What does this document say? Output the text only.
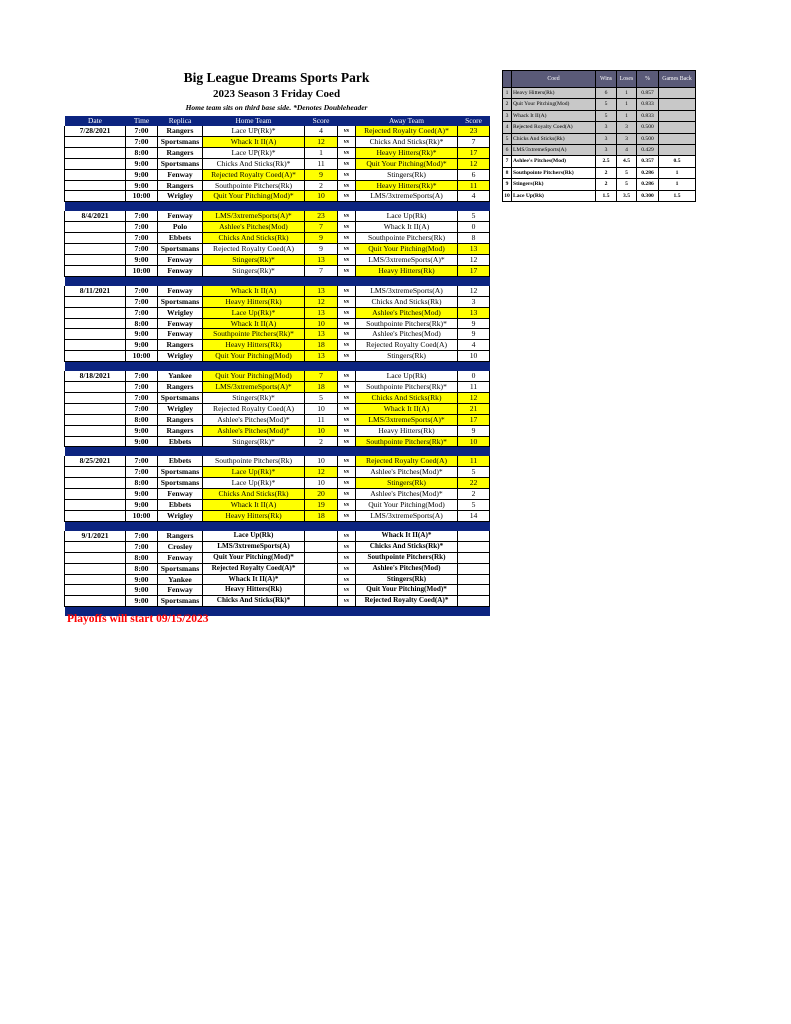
Big League Dreams Sports Park
2023 Season 3 Friday Coed
Home team sits on third base side. *Denotes Doubleheader
Date	Time	Replica	Home Team	Score		Away Team	Score
7/28/2021	7:00	Rangers	Lace UP(Rk)*	4	vs	Rejected Royalty Coed(A)*	23
	7:00	Sportsmans	Whack It II(A)	12	vs	Chicks And Sticks(Rk)*	7
	8:00	Rangers	Lace UP(Rk)*	1	vs	Heavy Hitters(Rk)*	17
	9:00	Sportsmans	Chicks And Sticks(Rk)*	11	vs	Quit Your Pitching(Mod)*	12
	9:00	Fenway	Rejected Royalty Coed(A)*	9	vs	Stingers(Rk)	6
	9:00	Rangers	Southpointe Pitchers(Rk)	2	vs	Heavy Hitters(Rk)*	11
	10:00	Wrigley	Quit Your Pitching(Mod)*	10	vs	LMS/3xtremeSports(A)	4

8/4/2021	7:00	Fenway	LMS/3xtremeSports(A)*	23	vs	Lace Up(Rk)	5
	7:00	Polo	Ashlee's Pitches(Mod)	7	vs	Whack It II(A)	0
	7:00	Ebbets	Chicks And Sticks(Rk)	9	vs	Southpointe Pitchers(Rk)	8
	7:00	Sportsmans	Rejected Royalty Coed(A)	9	vs	Quit Your Pitching(Mod)	13
	9:00	Fenway	Stingers(Rk)*	13	vs	LMS/3xtremeSports(A)*	12
	10:00	Fenway	Stingers(Rk)*	7	vs	Heavy Hitters(Rk)	17

8/11/2021	7:00	Fenway	Whack It II(A)	13	vs	LMS/3xtremeSports(A)	12
	7:00	Sportsmans	Heavy Hitters(Rk)	12	vs	Chicks And Sticks(Rk)	3
	7:00	Wrigley	Lace Up(Rk)*	13	vs	Ashlee's Pitches(Mod)	13
	8:00	Fenway	Whack It II(A)	10	vs	Southpointe Pitchers(Rk)*	9
	9:00	Fenway	Southpointe Pitchers(Rk)*	13	vs	Ashlee's Pitches(Mod)	9
	9:00	Rangers	Heavy Hitters(Rk)	18	vs	Rejected Royalty Coed(A)	4
	10:00	Wrigley	Quit Your Pitching(Mod)	13	vs	Stingers(Rk)	10

8/18/2021	7:00	Yankee	Quit Your Pitching(Mod)	7	vs	Lace Up(Rk)	0
	7:00	Rangers	LMS/3xtremeSports(A)*	18	vs	Southpointe Pitchers(Rk)*	11
	7:00	Sportsmans	Stingers(Rk)*	5	vs	Chicks And Sticks(Rk)	12
	7:00	Wrigley	Rejected Royalty Coed(A)	10	vs	Whack It II(A)	21
	8:00	Rangers	Ashlee's Pitches(Mod)*	11	vs	LMS/3xtremeSports(A)*	17
	9:00	Rangers	Ashlee's Pitches(Mod)*	10	vs	Heavy Hitters(Rk)	9
	9:00	Ebbets	Stingers(Rk)*	2	vs	Southpointe Pitchers(Rk)*	10

8/25/2021	7:00	Ebbets	Southpointe Pitchers(Rk)	10	vs	Rejected Royalty Coed(A)	11
	7:00	Sportsmans	Lace Up(Rk)*	12	vs	Ashlee's Pitches(Mod)*	5
	8:00	Sportsmans	Lace Up(Rk)*	10	vs	Stingers(Rk)	22
	9:00	Fenway	Chicks And Sticks(Rk)	20	vs	Ashlee's Pitches(Mod)*	2
	9:00	Ebbets	Whack It II(A)	19	vs	Quit Your Pitching(Mod)	5
	10:00	Wrigley	Heavy Hitters(Rk)	18	vs	LMS/3xtremeSports(A)	14

9/1/2021	7:00	Rangers	Lace Up(Rk)		vs	Whack It II(A)*	
	7:00	Crosley	LMS/3xtremeSports(A)		vs	Chicks And Sticks(Rk)*	
	8:00	Fenway	Quit Your Pitching(Mod)*		vs	Southpointe Pitchers(Rk)	
	8:00	Sportsmans	Rejected Royalty Coed(A)*		vs	Ashlee's Pitches(Mod)	
	9:00	Yankee	Whack It II(A)*		vs	Stingers(Rk)	
	9:00	Fenway	Heavy Hitters(Rk)		vs	Quit Your Pitching(Mod)*	
	9:00	Sportsmans	Chicks And Sticks(Rk)*		vs	Rejected Royalty Coed(A)*	

Playoffs will start 09/15/2023
	Coed	Wins	Loses	%	Games Back
1	Heavy Hitters(Rk)	6	1	0.857	
2	Quit Your Pitching(Mod)	5	1	0.833	
3	Whack It II(A)	5	1	0.833	
4	Rejected Royalty Coed(A)	3	3	0.500	
5	Chicks And Sticks(Rk)	3	3	0.500	
6	LMS/3xtremeSports(A)	3	4	0.429	
7	Ashlee's Pitches(Mod)	2.5	4.5	0.357	0.5
8	Southpointe Pitchers(Rk)	2	5	0.286	1
9	Stingers(Rk)	2	5	0.286	1
10	Lace Up(Rk)	1.5	3.5	0.300	1.5
